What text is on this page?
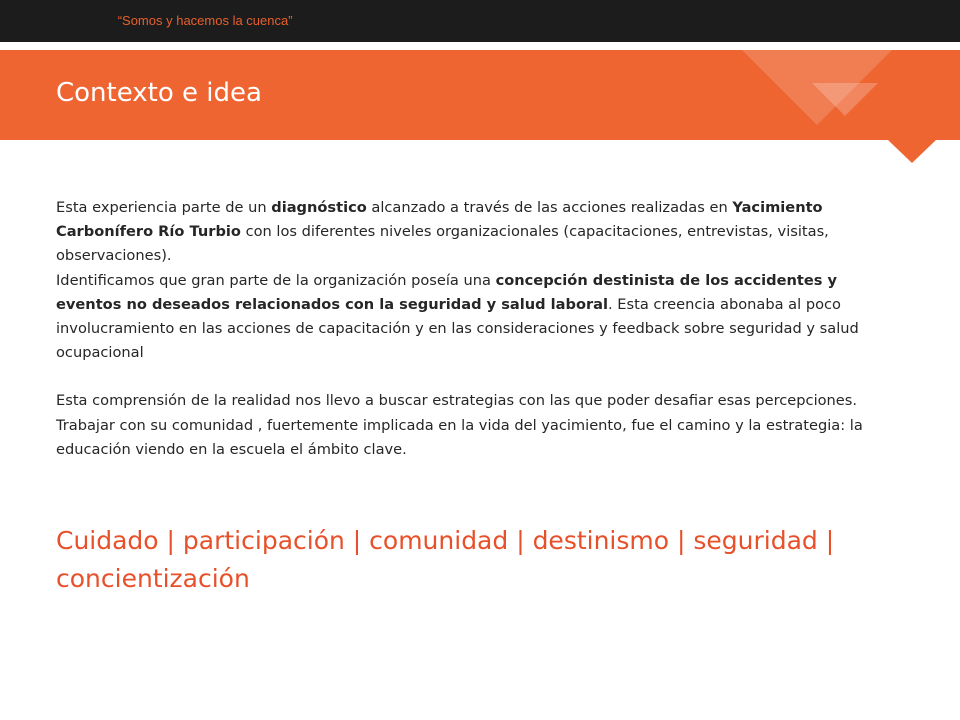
Programa “Somos y hacemos la cuenca” La Caja ART
Contexto e idea

Esta experiencia parte de un diagnóstico alcanzado a través de las acciones realizadas en Yacimiento Carbonífero Río Turbio con los diferentes niveles organizacionales (capacitaciones, entrevistas, visitas, observaciones).

Identificamos que gran parte de la organización poseía una concepción destinista de los accidentes y eventos no deseados relacionados con la seguridad y salud laboral. Esta creencia abonaba al poco involucramiento en las acciones de capacitación y en las consideraciones y feedback sobre seguridad y salud ocupacional

Esta comprensión de la realidad nos llevo a buscar estrategias con las que poder desafiar esas percepciones. Trabajar con su comunidad , fuertemente implicada en la vida del yacimiento, fue el camino y la estrategia: la educación viendo en la escuela el ámbito clave.

Cuidado | participación | comunidad | destinismo | seguridad | concientización
